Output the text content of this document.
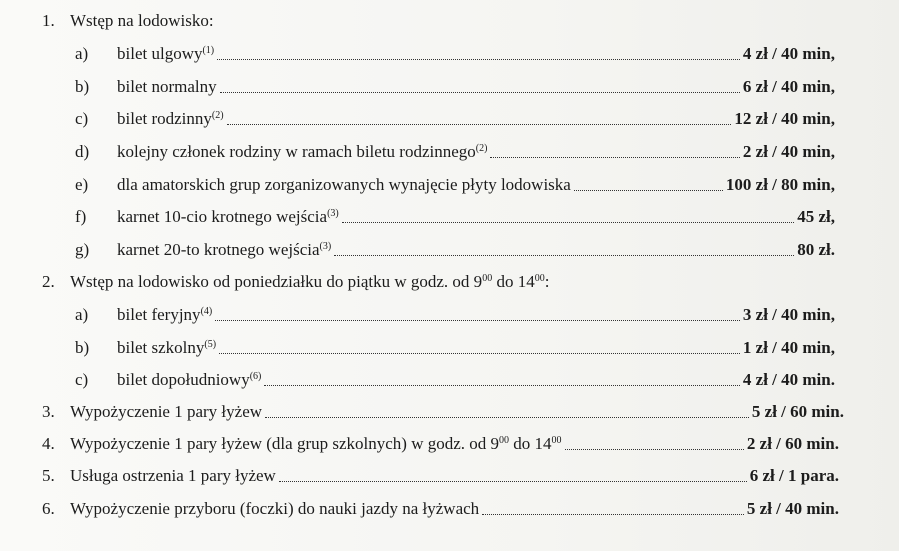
1. Wstęp na lodowisko:
a)	bilet ulgowy$^{(1)}$	4 zł / 40 min,
b)	bilet normalny	6 zł / 40 min,
c)	bilet rodzinny$^{(2)}$	12 zł / 40 min,
d)	kolejny członek rodziny w ramach biletu rodzinnego$^{(2)}$	2 zł / 40 min,
e)	dla amatorskich grup zorganizowanych wynajęcie płyty lodowiska	100 zł / 80 min,
f)	karnet 10-cio krotnego wejścia$^{(3)}$	45 zł,
g)	karnet 20-to krotnego wejścia$^{(3)}$	80 zł.
2. Wstęp na lodowisko od poniedziałku do piątku w godz. od $9^{00}$ do $14^{00}$:
a)	bilet feryjny$^{(4)}$	3 zł / 40 min,
b)	bilet szkolny$^{(5)}$	1 zł / 40 min,
c)	bilet dopołudniowy$^{(6)}$	4 zł / 40 min.
3. Wypożyczenie 1 pary łyżew	5 zł / 60 min.
4. Wypożyczenie 1 pary łyżew (dla grup szkolnych) w godz. od $9^{00}$ do $14^{00}$	2 zł / 60 min.
5. Usługa ostrzenia 1 pary łyżew	6 zł / 1 para.
6. Wypożyczenie przyboru (foczki) do nauki jazdy na łyżwach	5 zł / 40 min.
